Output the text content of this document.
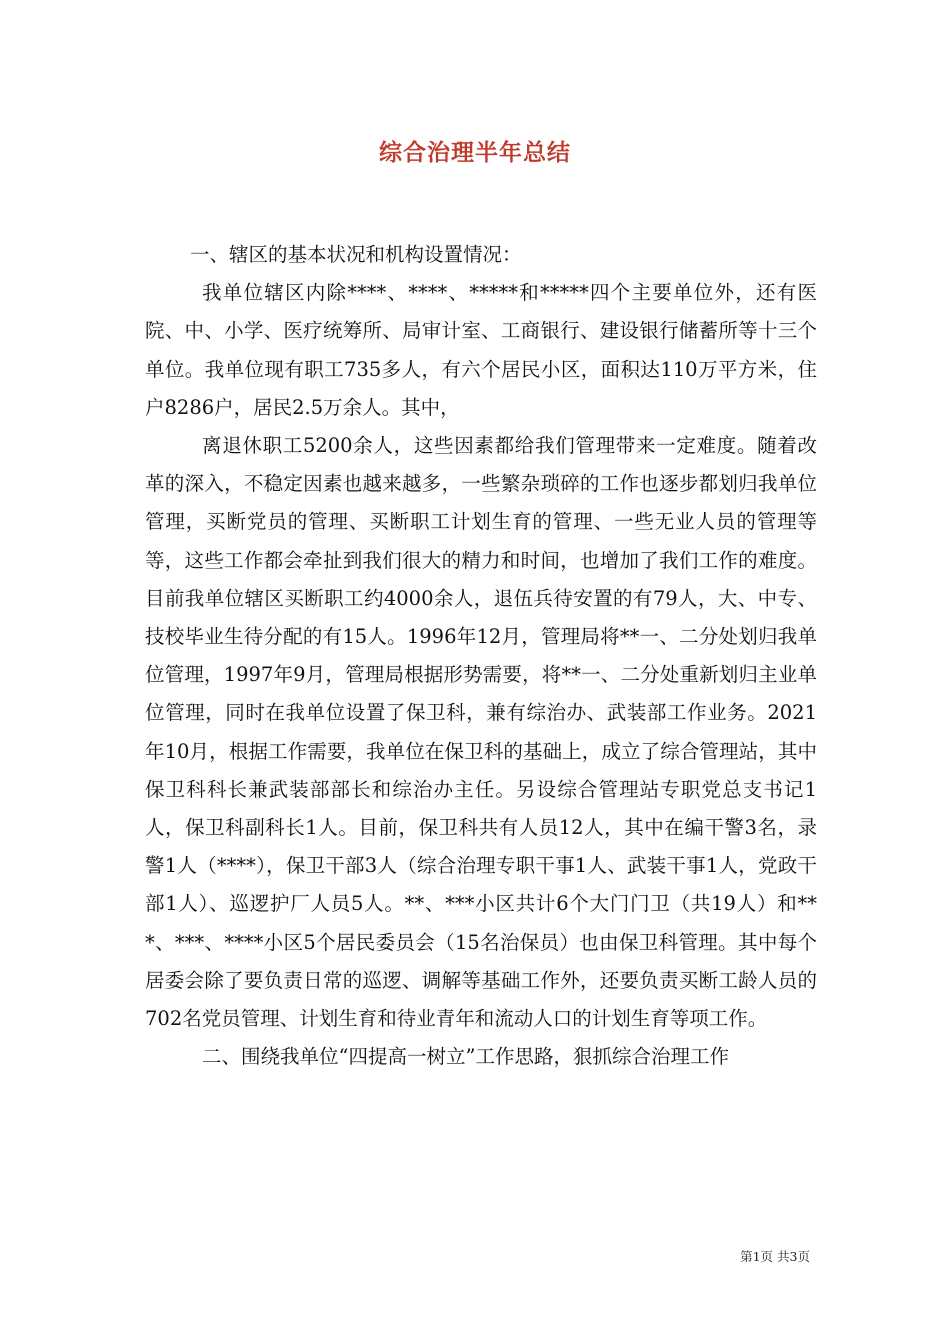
综合治理半年总结

一、辖区的基本状况和机构设置情况：

我单位辖区内除****、****、*****和*****四个主要单位外，还有医院、中、小学、医疗统筹所、局审计室、工商银行、建设银行储蓄所等十三个单位。我单位现有职工735多人，有六个居民小区，面积达110万平方米，住户8286户，居民2.5万余人。其中，

离退休职工5200余人，这些因素都给我们管理带来一定难度。随着改革的深入，不稳定因素也越来越多，一些繁杂琐碎的工作也逐步都划归我单位管理，买断党员的管理、买断职工计划生育的管理、一些无业人员的管理等等，这些工作都会牵扯到我们很大的精力和时间，也增加了我们工作的难度。目前我单位辖区买断职工约4000余人，退伍兵待安置的有79人，大、中专、技校毕业生待分配的有15人。1996年12月，管理局将**一、二分处划归我单位管理，1997年9月，管理局根据形势需要，将**一、二分处重新划归主业单位管理，同时在我单位设置了保卫科，兼有综治办、武装部工作业务。2021年10月，根据工作需要，我单位在保卫科的基础上，成立了综合管理站，其中保卫科科长兼武装部部长和综治办主任。另设综合管理站专职党总支书记1人，保卫科副科长1人。目前，保卫科共有人员12人，其中在编干警3名，录警1人（****），保卫干部3人（综合治理专职干事1人、武装干事1人，党政干部1人）、巡逻护厂人员5人。**、***小区共计6个大门门卫（共19人）和***、***、****小区5个居民委员会（15名治保员）也由保卫科管理。其中每个居委会除了要负责日常的巡逻、调解等基础工作外，还要负责买断工龄人员的702名党员管理、计划生育和待业青年和流动人口的计划生育等项工作。

二、围绕我单位“四提高一树立”工作思路，狠抓综合治理工作

第1页 共3页
